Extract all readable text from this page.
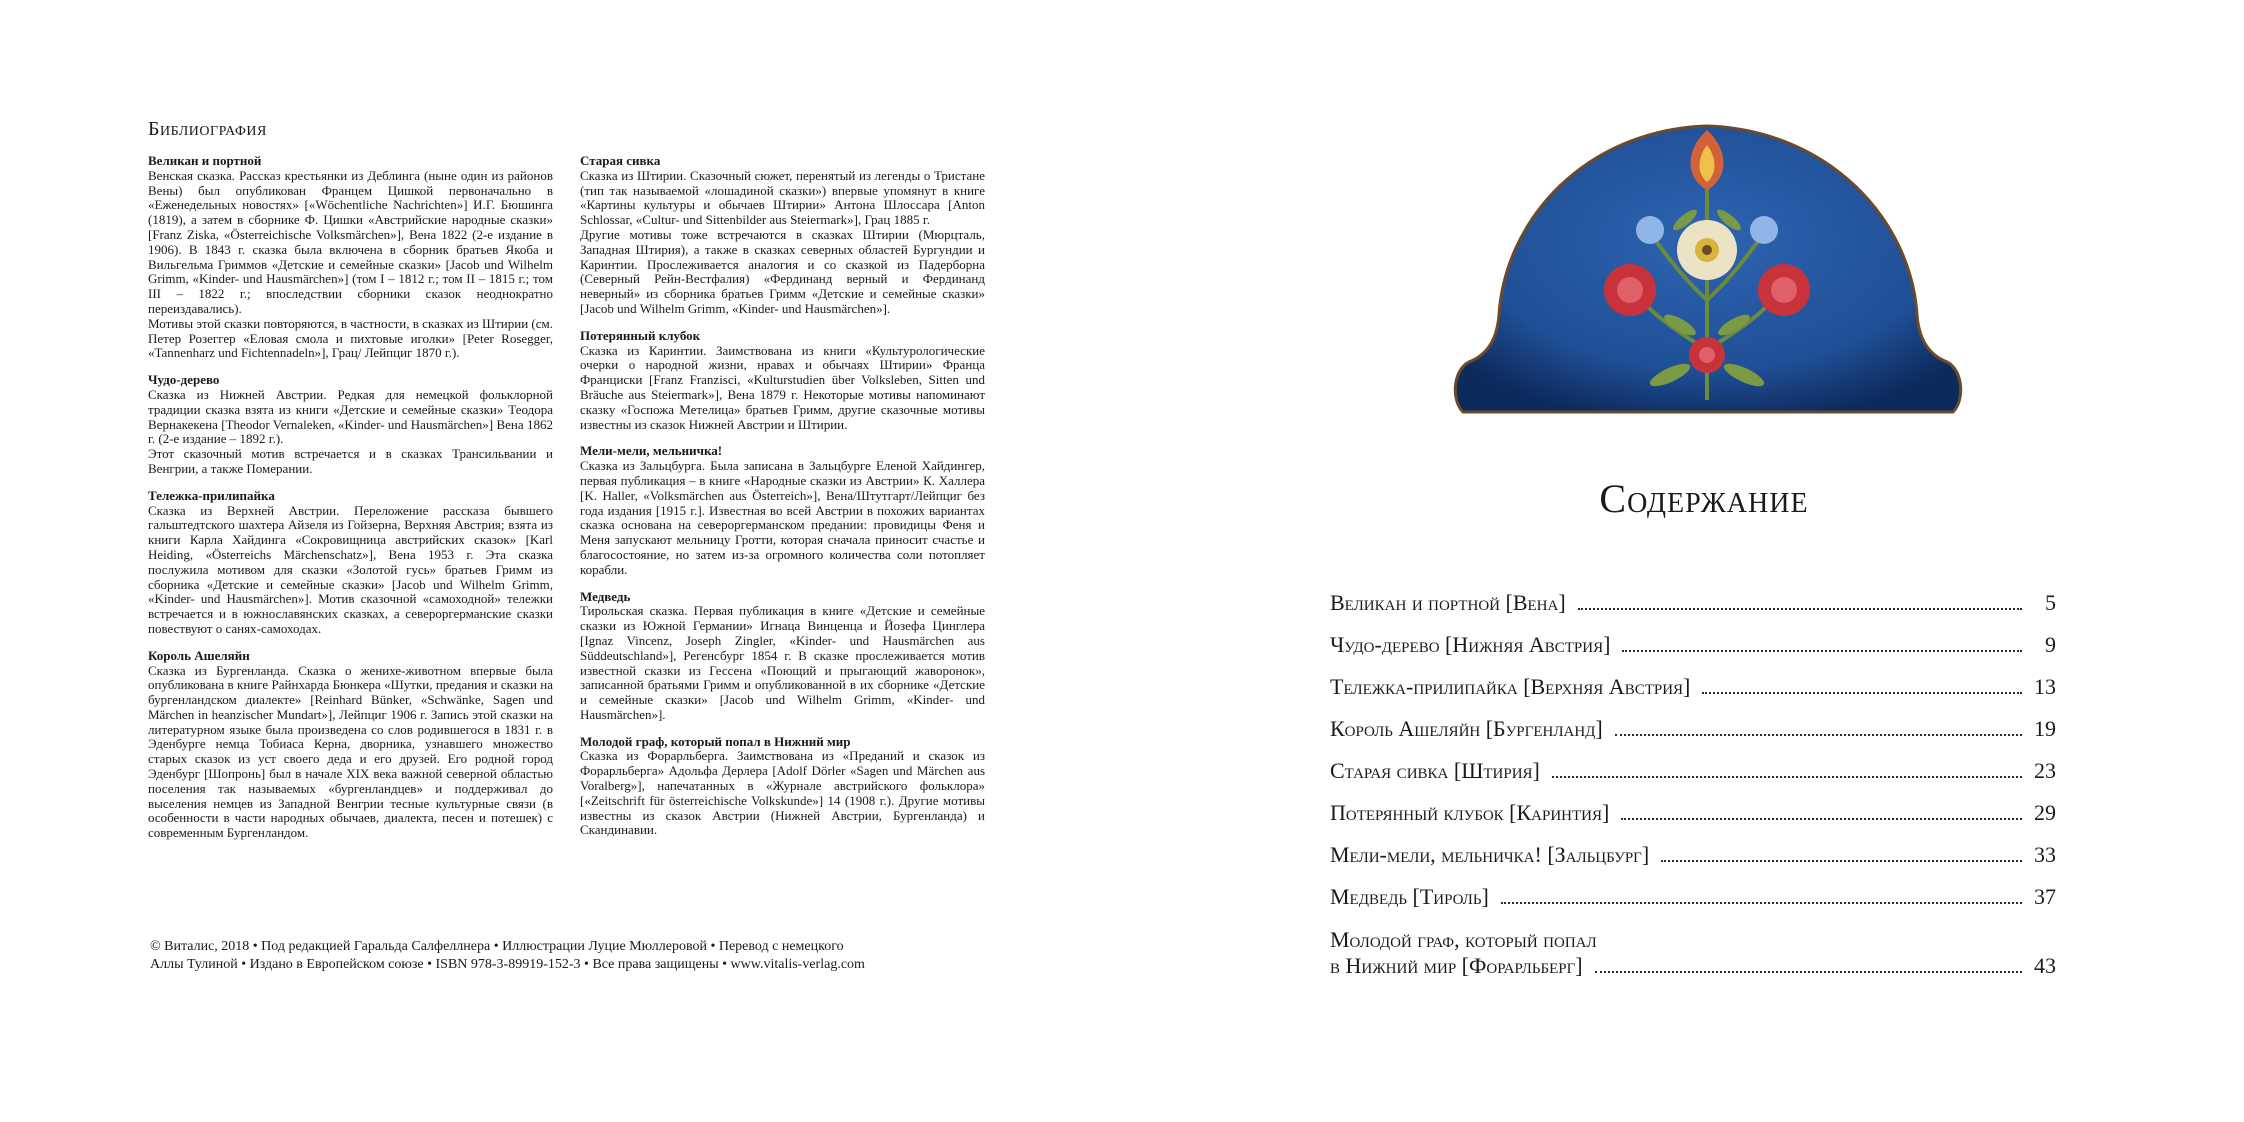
Библиография
Великан и портной
Венская сказка. Рассказ крестьянки из Деблинга (ныне один из районов Вены) был опубликован Францем Цишкой первоначально в «Еженедельных новостях» [«Wöchentliche Nachrichten»] И.Г. Бюшинга (1819), а затем в сборнике Ф. Цишки «Австрийские народные сказки» [Franz Ziska, «Österreichische Volksmärchen»], Вена 1822 (2-е издание в 1906). В 1843 г. сказка была включена в сборник братьев Якоба и Вильгельма Гриммов «Детские и семейные сказки» [Jacob und Wilhelm Grimm, «Kinder- und Hausmärchen»] (том I – 1812 г.; том II – 1815 г.; том III – 1822 г.; впоследствии сборники сказок неоднократно переиздавались).
Мотивы этой сказки повторяются, в частности, в сказках из Штирии (см. Петер Розеггер «Еловая смола и пихтовые иголки» [Peter Rosegger, «Tannenharz und Fichtennadeln»], Грац/ Лейпциг 1870 г.).
Чудо-дерево
Сказка из Нижней Австрии. Редкая для немецкой фольклорной традиции сказка взята из книги «Детские и семейные сказки» Теодора Вернакекена [Theodor Vernaleken, «Kinder- und Hausmärchen»] Вена 1862 г. (2-е издание – 1892 г.).
Этот сказочный мотив встречается и в сказках Трансильвании и Венгрии, а также Померании.
Тележка-прилипайка
Сказка из Верхней Австрии. Переложение рассказа бывшего гальштедтского шахтера Айзеля из Гойзерна, Верхняя Австрия; взята из книги Карла Хайдинга «Сокровищница австрийских сказок» [Karl Heiding, «Österreichs Märchenschatz»], Вена 1953 г. Эта сказка послужила мотивом для сказки «Золотой гусь» братьев Гримм из сборника «Детские и семейные сказки» [Jacob und Wilhelm Grimm, «Kinder- und Hausmärchen»]. Мотив сказочной «самоходной» тележки встречается и в южнославянских сказках, а североргерманские сказки повествуют о санях-самоходах.
Король Ашеляйн
Сказка из Бургенланда. Сказка о женихе-животном впервые была опубликована в книге Райнхарда Бюнкера «Шутки, предания и сказки на бургенландском диалекте» [Reinhard Bünker, «Schwänke, Sagen und Märchen in heanzischer Mundart»], Лейпциг 1906 г. Запись этой сказки на литературном языке была произведена со слов родившегося в 1831 г. в Эденбурге немца Тобиаса Керна, дворника, узнавшего множество старых сказок из уст своего деда и его друзей. Его родной город Эденбург [Шопронь] был в начале XIX века важной северной областью поселения так называемых «бургенландцев» и поддерживал до выселения немцев из Западной Венгрии тесные культурные связи (в особенности в части народных обычаев, диалекта, песен и потешек) с современным Бургенландом.
Старая сивка
Сказка из Штирии. Сказочный сюжет, перенятый из легенды о Тристане (тип так называемой «лошадиной сказки») впервые упомянут в книге «Картины культуры и обычаев Штирии» Антона Шлоссара [Anton Schlossar, «Cultur- und Sittenbilder aus Steiermark»], Грац 1885 г.
Другие мотивы тоже встречаются в сказках Штирии (Мюрцталь, Западная Штирия), а также в сказках северных областей Бургундии и Каринтии. Прослеживается аналогия и со сказкой из Падерборна (Северный Рейн-Вестфалия) «Фердинанд верный и Фердинанд неверный» из сборника братьев Гримм «Детские и семейные сказки» [Jacob und Wilhelm Grimm, «Kinder- und Hausmärchen»].
Потерянный клубок
Сказка из Каринтии. Заимствована из книги «Культурологические очерки о народной жизни, нравах и обычаях Штирии» Франца Франциски [Franz Franzisci, «Kulturstudien über Volksleben, Sitten und Bräuche aus Steiermark»], Вена 1879 г. Некоторые мотивы напоминают сказку «Госпожа Метелица» братьев Гримм, другие сказочные мотивы известны из сказок Нижней Австрии и Штирии.
Мели-мели, мельничка!
Сказка из Зальцбурга. Была записана в Зальцбурге Еленой Хайдингер, первая публикация – в книге «Народные сказки из Австрии» К. Халлера [K. Haller, «Volksmärchen aus Österreich»], Вена/Штутгарт/Лейпциг без года издания [1915 г.]. Известная во всей Австрии в похожих вариантах сказка основана на североргерманском предании: провидицы Феня и Меня запускают мельницу Гротти, которая сначала приносит счастье и благосостояние, но затем из-за огромного количества соли потопляет корабли.
Медведь
Тирольская сказка. Первая публикация в книге «Детские и семейные сказки из Южной Германии» Игнаца Винценца и Йозефа Цинглера [Ignaz Vincenz, Joseph Zingler, «Kinder- und Hausmärchen aus Süddeutschland»], Регенсбург 1854 г. В сказке прослеживается мотив известной сказки из Гессена «Поющий и прыгающий жаворонок», записанной братьями Гримм и опубликованной в их сборнике «Детские и семейные сказки» [Jacob und Wilhelm Grimm, «Kinder- und Hausmärchen»].
Молодой граф, который попал в Нижний мир
Сказка из Форарльберга. Заимствована из «Преданий и сказок из Форарльберга» Адольфа Дерлера [Adolf Dörler «Sagen und Märchen aus Voralberg»], напечатанных в «Журнале австрийского фольклора» [«Zeitschrift für österreichische Volkskunde»] 14 (1908 г.). Другие мотивы известны из сказок Австрии (Нижней Австрии, Бургенланда) и Скандинавии.
© Виталис, 2018 • Под редакцией Гаральда Салфеллнера • Иллюстрации Луцие Мюллеровой • Перевод с немецкого
Аллы Тулиной • Издано в Европейском союзе • ISBN 978-3-89919-152-3 • Все права защищены • www.vitalis-verlag.com
Содержание
Великан и портной [Вена]	5
Чудо-дерево [Нижняя Австрия]	9
Тележка-прилипайка [Верхняя Австрия]	13
Король Ашеляйн [Бургенланд]	19
Старая сивка [Штирия]	23
Потерянный клубок [Каринтия]	29
Мели-мели, мельничка! [Зальцбург]	33
Медведь [Тироль]	37
Молодой граф, который попал
в Нижний мир [Форарльберг]	43
